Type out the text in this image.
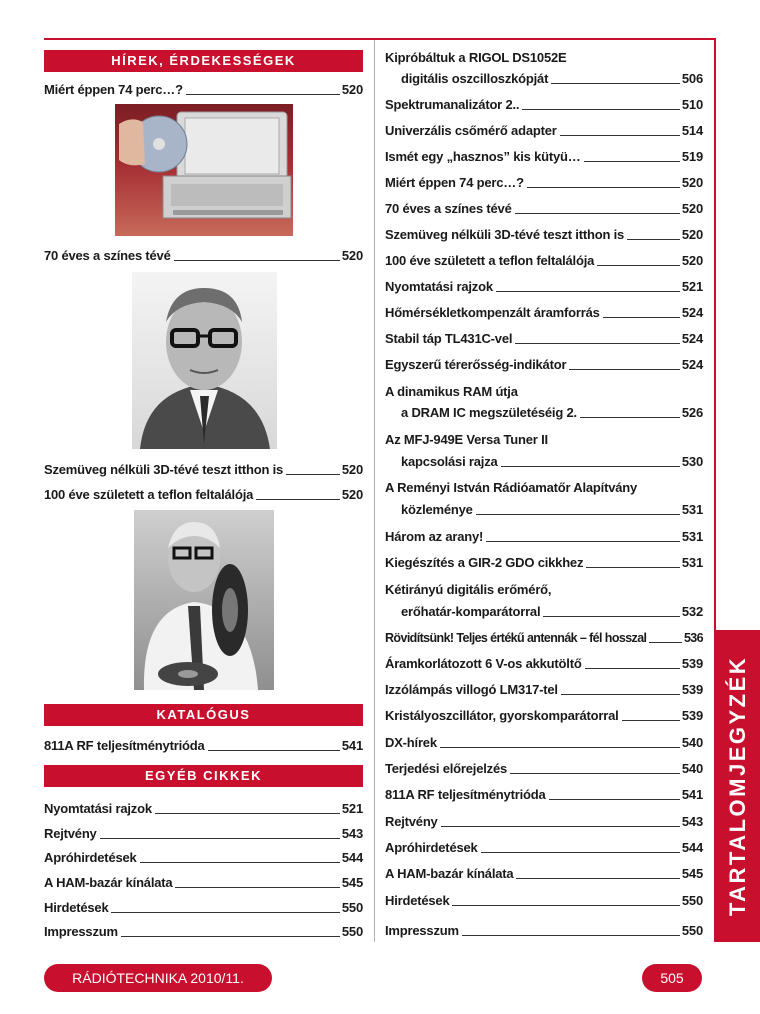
TARTALOMJEGYZÉK
HÍREK, ÉRDEKESSÉGEK
Miért éppen 74 perc…?	520
70 éves a színes tévé	520
Szemüveg nélküli 3D-tévé teszt itthon is	520
100 éve született a teflon feltalálója	520
KATALÓGUS
811A RF teljesítménytrióda	541
EGYÉB CIKKEK
Nyomtatási rajzok	521
Rejtvény	543
Apróhirdetések	544
A HAM-bazár kínálata	545
Hirdetések	550
Impresszum	550
Kipróbáltuk a RIGOL DS1052E
digitális oszcilloszkópját	506
Spektrumanalizátor 2..	510
Univerzális csőmérő adapter	514
Ismét egy „hasznos” kis kütyü…	519
Miért éppen 74 perc…?	520
70 éves a színes tévé	520
Szemüveg nélküli 3D-tévé teszt itthon is	520
100 éve született a teflon feltalálója	520
Nyomtatási rajzok	521
Hőmérsékletkompenzált áramforrás	524
Stabil táp TL431C-vel	524
Egyszerű térerősség-indikátor	524
A dinamikus RAM útja
a DRAM IC megszületéséig 2.	526
Az MFJ-949E Versa Tuner II
kapcsolási rajza	530
A Reményi István Rádióamatőr Alapítvány
közleménye	531
Három az arany!	531
Kiegészítés a GIR-2 GDO cikkhez	531
Kétirányú digitális erőmérő,
erőhatár-komparátorral	532
Rövidítsünk! Teljes értékű antennák – fél hosszal	536
Áramkorlátozott 6 V-os akkutöltő	539
Izzólámpás villogó LM317-tel	539
Kristályoszcillátor, gyorskomparátorral	539
DX-hírek	540
Terjedési előrejelzés	540
811A RF teljesítménytrióda	541
Rejtvény	543
Apróhirdetések	544
A HAM-bazár kínálata	545
Hirdetések	550
Impresszum	550
RÁDIÓTECHNIKA 2010/11.	505
